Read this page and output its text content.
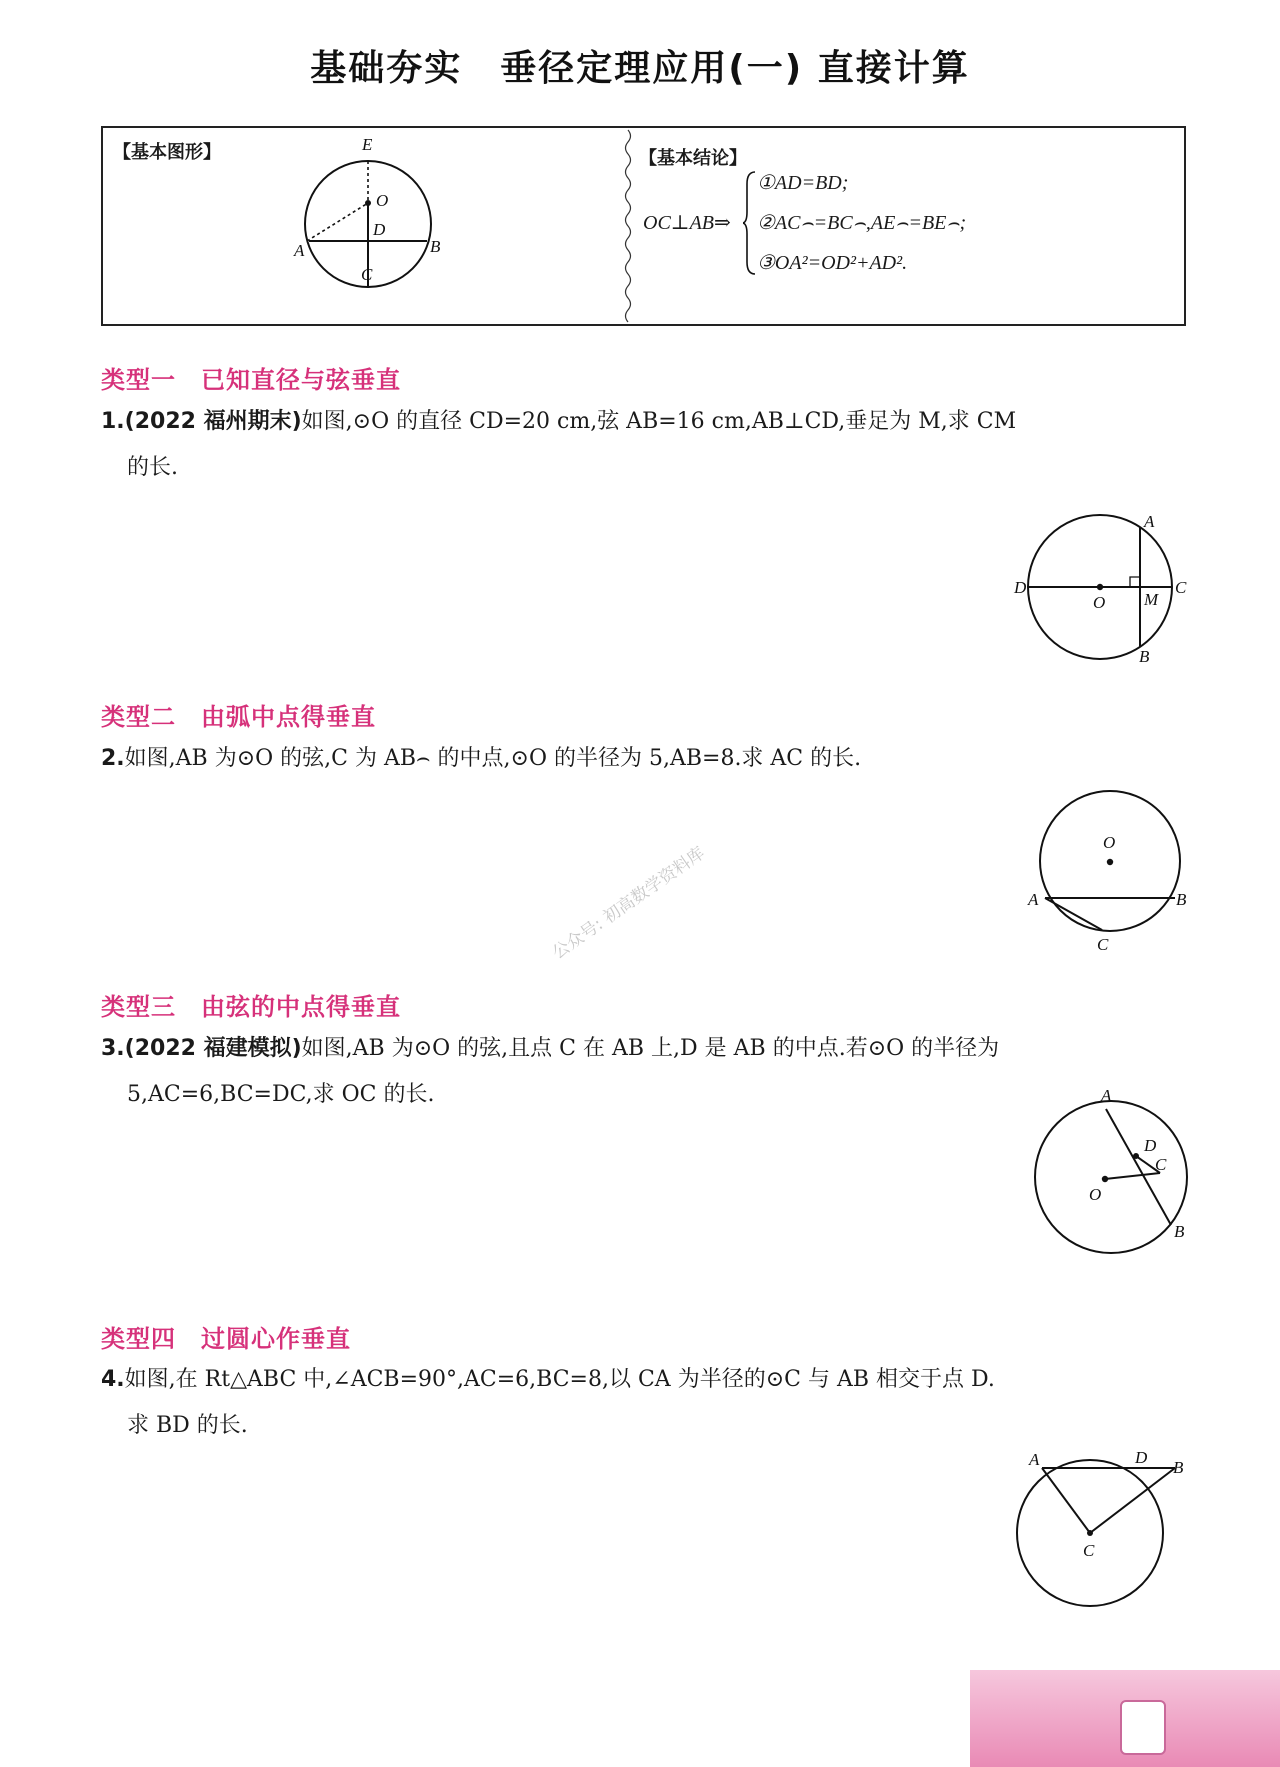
基础夯实　垂径定理应用(一) 直接计算
【基本图形】	E
O
D
A	B
C
【基本结论】
OC⊥AB⇒
①AD=BD;
②AC⌢=BC⌢,AE⌢=BE⌢;
③OA²=OD²+AD².
类型一　已知直径与弦垂直
1.(2022 福州期末)如图,⊙O 的直径 CD=20 cm,弦 AB=16 cm,AB⊥CD,垂足为 M,求 CM
的长.
A
D
O M
C
B
类型二　由弧中点得垂直
2.如图,AB 为⊙O 的弦,C 为 AB⌢ 的中点,⊙O 的半径为 5,AB=8.求 AC 的长.
O
A	B
C
公众号: 初高数学资料库
类型三　由弦的中点得垂直
3.(2022 福建模拟)如图,AB 为⊙O 的弦,且点 C 在 AB 上,D 是 AB 的中点.若⊙O 的半径为
5,AC=6,BC=DC,求 OC 的长.	A
D
C
O
B
类型四　过圆心作垂直
4.如图,在 Rt△ABC 中,∠ACB=90°,AC=6,BC=8,以 CA 为半径的⊙C 与 AB 相交于点 D.
求 BD 的长.
A	D
B
C
